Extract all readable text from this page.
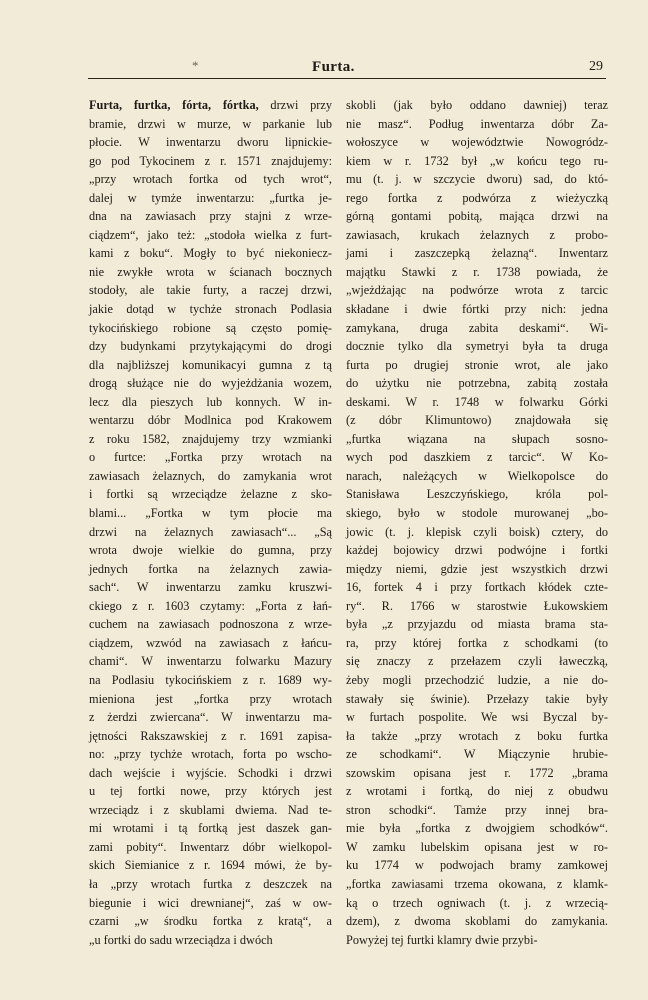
*	Furta.	29
Furta, furtka, fórta, fórtka, drzwi przy
bramie, drzwi w murze, w parkanie lub
płocie. W inwentarzu dworu lipnickie-
go pod Tykocinem z r. 1571 znajdujemy:
„przy wrotach fortka od tych wrot“,
dalej w tymże inwentarzu: „furtka je-
dna na zawiasach przy stajni z wrze-
ciądzem“, jako też: „stodoła wielka z furt-
kami z boku“. Mogły to być niekoniecz-
nie zwykłe wrota w ścianach bocznych
stodoły, ale takie furty, a raczej drzwi,
jakie dotąd w tychże stronach Podlasia
tykocińskiego robione są często pomię-
dzy budynkami przytykającymi do drogi
dla najbliższej komunikacyi gumna z tą
drogą służące nie do wyjeżdżania wozem,
lecz dla pieszych lub konnych. W in-
wentarzu dóbr Modlnica pod Krakowem
z roku 1582, znajdujemy trzy wzmianki
o furtce: „Fortka przy wrotach na
zawiasach żelaznych, do zamykania wrot
i fortki są wrzeciądze żelazne z sko-
blami... „Fortka w tym płocie ma
drzwi na żelaznych zawiasach“... „Są
wrota dwoje wielkie do gumna, przy
jednych fortka na żelaznych zawia-
sach“. W inwentarzu zamku kruszwi-
ckiego z r. 1603 czytamy: „Forta z łań-
cuchem na zawiasach podnoszona z wrze-
ciądzem, wzwód na zawiasach z łańcu-
chami“. W inwentarzu folwarku Mazury
na Podlasiu tykocińskiem z r. 1689 wy-
mieniona jest „fortka przy wrotach
z żerdzi zwiercana“. W inwentarzu ma-
jętności Rakszawskiej z r. 1691 zapisa-
no: „przy tychże wrotach, forta po wscho-
dach wejście i wyjście. Schodki i drzwi
u tej fortki nowe, przy których jest
wrzeciądz i z skublami dwiema. Nad te-
mi wrotami i tą fortką jest daszek gan-
zami pobity“. Inwentarz dóbr wielkopol-
skich Siemianice z r. 1694 mówi, że by-
ła „przy wrotach furtka z deszczek na
biegunie i wici drewnianej“, zaś w ow-
czarni „w środku fortka z kratą“, a
„u fortki do sadu wrzeciądza i dwóch
skobli (jak było oddano dawniej) teraz
nie masz“. Podług inwentarza dóbr Za-
wołoszyce w województwie Nowogródz-
kiem w r. 1732 był „w końcu tego ru-
mu (t. j. w szczycie dworu) sad, do któ-
rego fortka z podwórza z wieżyczką
górną gontami pobitą, mająca drzwi na
zawiasach, krukach żelaznych z probo-
jami i zaszczepką żelazną“. Inwentarz
majątku Stawki z r. 1738 powiada, że
„wjeżdżając na podwórze wrota z tarcic
składane i dwie fórtki przy nich: jedna
zamykana, druga zabita deskami“. Wi-
docznie tylko dla symetryi była ta druga
furta po drugiej stronie wrot, ale jako
do użytku nie potrzebna, zabitą została
deskami. W r. 1748 w folwarku Górki
(z dóbr Klimuntowo) znajdowała się
„furtka wiązana na słupach sosno-
wych pod daszkiem z tarcic“. W Ko-
narach, należących w Wielkopolsce do
Stanisława Leszczyńskiego, króla pol-
skiego, było w stodole murowanej „bo-
jowic (t. j. klepisk czyli boisk) cztery, do
każdej bojowicy drzwi podwójne i fortki
między niemi, gdzie jest wszystkich drzwi
16, fortek 4 i przy fortkach kłódek czte-
ry“. R. 1766 w starostwie Łukowskiem
była „z przyjazdu od miasta brama sta-
ra, przy której fortka z schodkami (to
się znaczy z przełazem czyli ławeczką,
żeby mogli przechodzić ludzie, a nie do-
stawały się świnie). Przełazy takie były
w furtach pospolite. We wsi Byczal by-
ła także „przy wrotach z boku furtka
ze schodkami“. W Miączynie hrubie-
szowskim opisana jest r. 1772 „brama
z wrotami i fortką, do niej z obudwu
stron schodki“. Tamże przy innej bra-
mie była „fortka z dwojgiem schodków“.
W zamku lubelskim opisana jest w ro-
ku 1774 w podwojach bramy zamkowej
„fortka zawiasami trzema okowana, z klamk-
ką o trzech ogniwach (t. j. z wrzecią-
dzem), z dwoma skoblami do zamykania.
Powyżej tej furtki klamry dwie przybi-
